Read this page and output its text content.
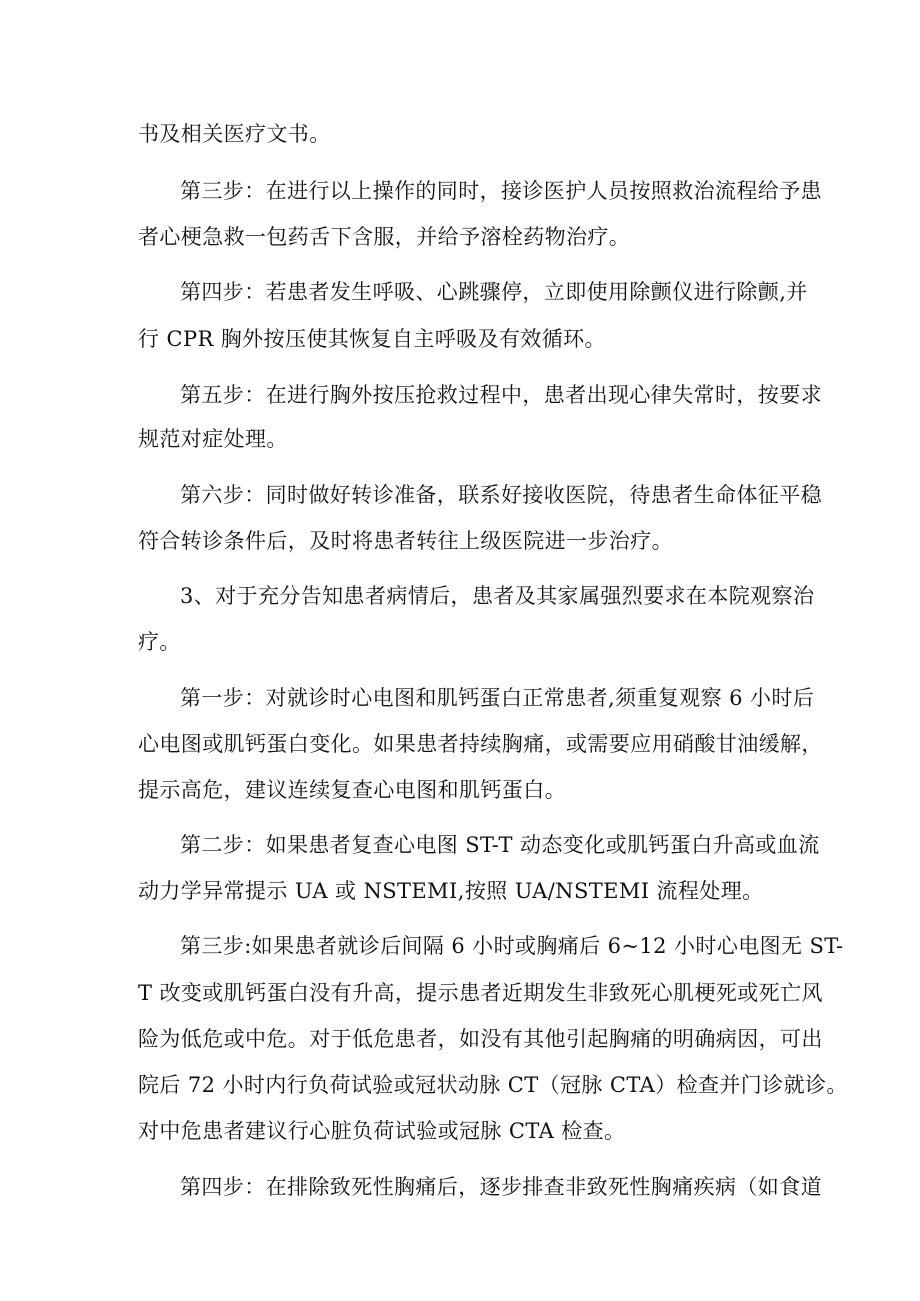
书及相关医疗文书。
第三步：在进行以上操作的同时，接诊医护人员按照救治流程给予患
者心梗急救一包药舌下含服，并给予溶栓药物治疗。
第四步：若患者发生呼吸、心跳骤停，立即使用除颤仪进行除颤,并
行 CPR 胸外按压使其恢复自主呼吸及有效循环。
第五步：在进行胸外按压抢救过程中，患者出现心律失常时，按要求
规范对症处理。
第六步：同时做好转诊准备，联系好接收医院，待患者生命体征平稳
符合转诊条件后，及时将患者转往上级医院进一步治疗。
3、对于充分告知患者病情后，患者及其家属强烈要求在本院观察治
疗。
第一步：对就诊时心电图和肌钙蛋白正常患者,须重复观察 6 小时后
心电图或肌钙蛋白变化。如果患者持续胸痛，或需要应用硝酸甘油缓解，
提示高危，建议连续复查心电图和肌钙蛋白。
第二步：如果患者复查心电图 ST-T 动态变化或肌钙蛋白升高或血流
动力学异常提示 UA 或 NSTEMI,按照 UA/NSTEMI 流程处理。
第三步:如果患者就诊后间隔 6 小时或胸痛后 6~12 小时心电图无 ST-
T 改变或肌钙蛋白没有升高，提示患者近期发生非致死心肌梗死或死亡风
险为低危或中危。对于低危患者，如没有其他引起胸痛的明确病因，可出
院后 72 小时内行负荷试验或冠状动脉 CT（冠脉 CTA）检查并门诊就诊。
对中危患者建议行心脏负荷试验或冠脉 CTA 检查。
第四步：在排除致死性胸痛后，逐步排查非致死性胸痛疾病（如食道
